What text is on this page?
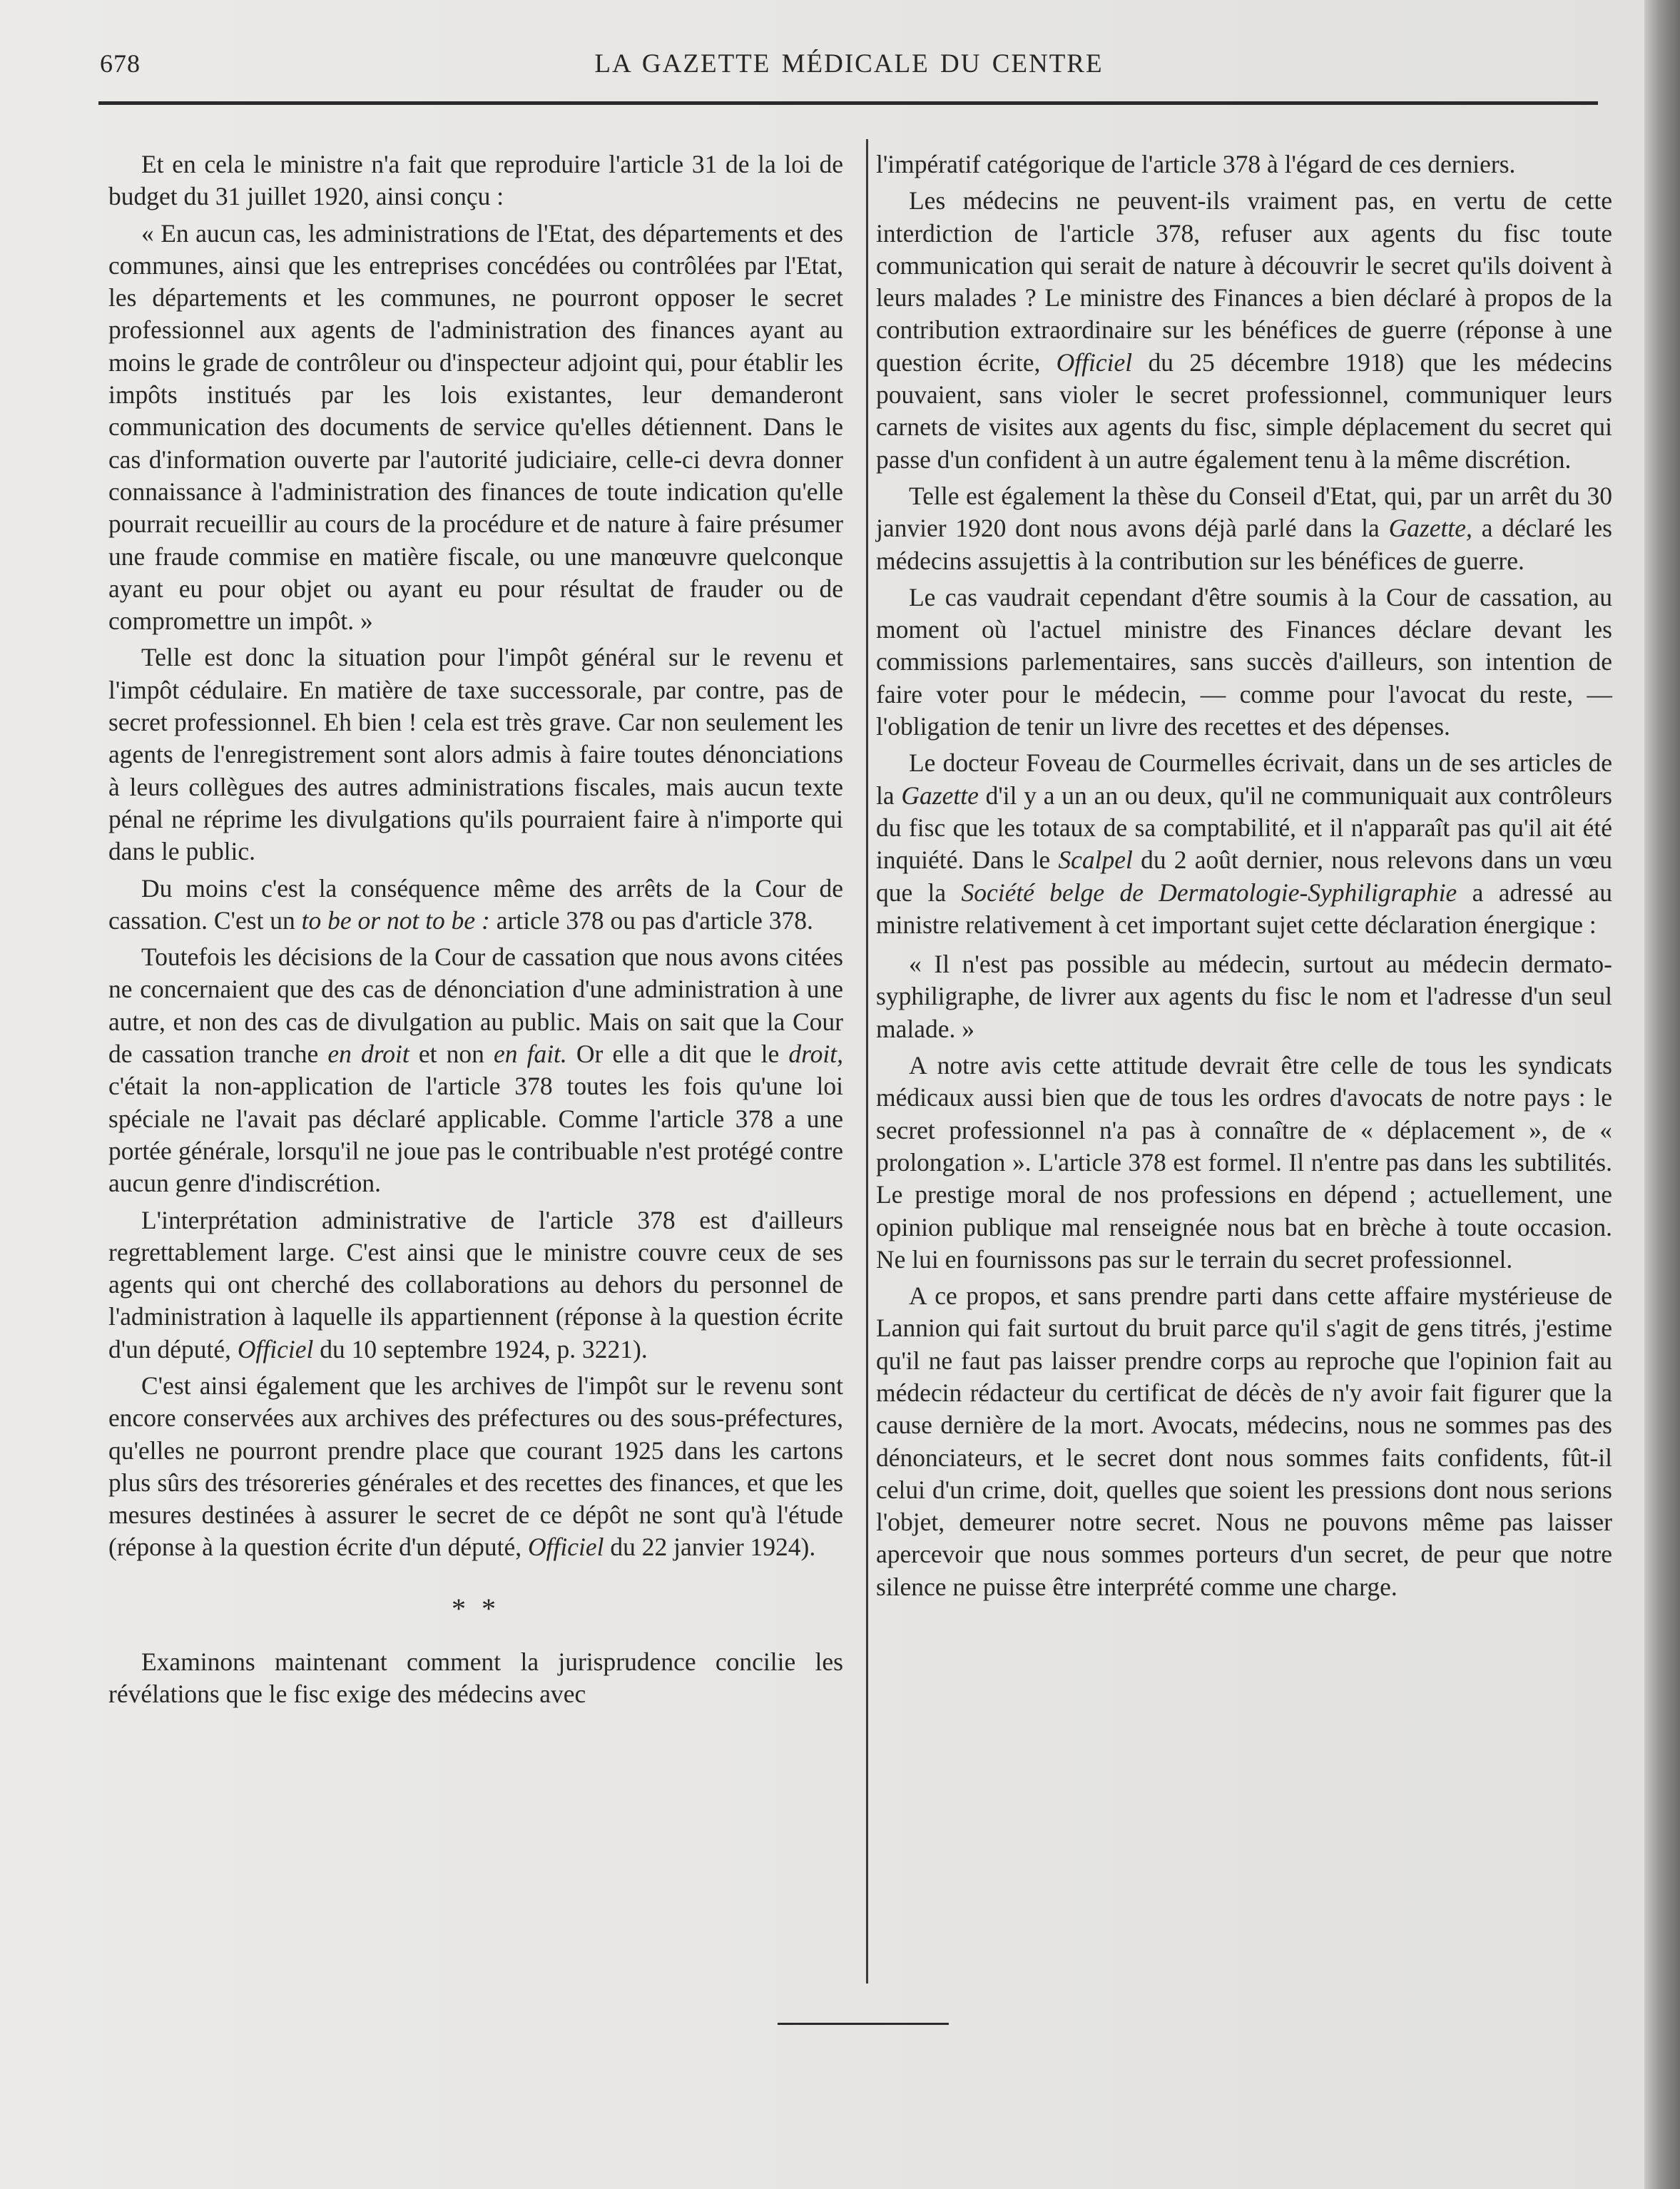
678	LA GAZETTE MÉDICALE DU CENTRE

Et en cela le ministre n'a fait que reproduire l'article 31 de la loi de budget du 31 juillet 1920, ainsi conçu :

« En aucun cas, les administrations de l'Etat, des départements et des communes, ainsi que les entreprises concédées ou contrôlées par l'Etat, les départements et les communes, ne pourront opposer le secret professionnel aux agents de l'administration des finances ayant au moins le grade de contrôleur ou d'inspecteur adjoint qui, pour établir les impôts institués par les lois existantes, leur demanderont communication des documents de service qu'elles détiennent. Dans le cas d'information ouverte par l'autorité judiciaire, celle-ci devra donner connaissance à l'administration des finances de toute indication qu'elle pourrait recueillir au cours de la procédure et de nature à faire présumer une fraude commise en matière fiscale, ou une manœuvre quelconque ayant eu pour objet ou ayant eu pour résultat de frauder ou de compromettre un impôt. »

Telle est donc la situation pour l'impôt général sur le revenu et l'impôt cédulaire. En matière de taxe successorale, par contre, pas de secret professionnel. Eh bien ! cela est très grave. Car non seulement les agents de l'enregistrement sont alors admis à faire toutes dénonciations à leurs collègues des autres administrations fiscales, mais aucun texte pénal ne réprime les divulgations qu'ils pourraient faire à n'importe qui dans le public.

Du moins c'est la conséquence même des arrêts de la Cour de cassation. C'est un to be or not to be : article 378 ou pas d'article 378.

Toutefois les décisions de la Cour de cassation que nous avons citées ne concernaient que des cas de dénonciation d'une administration à une autre, et non des cas de divulgation au public. Mais on sait que la Cour de cassation tranche en droit et non en fait. Or elle a dit que le droit, c'était la non-application de l'article 378 toutes les fois qu'une loi spéciale ne l'avait pas déclaré applicable. Comme l'article 378 a une portée générale, lorsqu'il ne joue pas le contribuable n'est protégé contre aucun genre d'indiscrétion.

L'interprétation administrative de l'article 378 est d'ailleurs regrettablement large. C'est ainsi que le ministre couvre ceux de ses agents qui ont cherché des collaborations au dehors du personnel de l'administration à laquelle ils appartiennent (réponse à la question écrite d'un député, Officiel du 10 septembre 1924, p. 3221).

C'est ainsi également que les archives de l'impôt sur le revenu sont encore conservées aux archives des préfectures ou des sous-préfectures, qu'elles ne pourront prendre place que courant 1925 dans les cartons plus sûrs des trésoreries générales et des recettes des finances, et que les mesures destinées à assurer le secret de ce dépôt ne sont qu'à l'étude (réponse à la question écrite d'un député, Officiel du 22 janvier 1924).

* *

Examinons maintenant comment la jurisprudence concilie les révélations que le fisc exige des médecins avec

l'impératif catégorique de l'article 378 à l'égard de ces derniers.

Les médecins ne peuvent-ils vraiment pas, en vertu de cette interdiction de l'article 378, refuser aux agents du fisc toute communication qui serait de nature à découvrir le secret qu'ils doivent à leurs malades ? Le ministre des Finances a bien déclaré à propos de la contribution extraordinaire sur les bénéfices de guerre (réponse à une question écrite, Officiel du 25 décembre 1918) que les médecins pouvaient, sans violer le secret professionnel, communiquer leurs carnets de visites aux agents du fisc, simple déplacement du secret qui passe d'un confident à un autre également tenu à la même discrétion.

Telle est également la thèse du Conseil d'Etat, qui, par un arrêt du 30 janvier 1920 dont nous avons déjà parlé dans la Gazette, a déclaré les médecins assujettis à la contribution sur les bénéfices de guerre.

Le cas vaudrait cependant d'être soumis à la Cour de cassation, au moment où l'actuel ministre des Finances déclare devant les commissions parlementaires, sans succès d'ailleurs, son intention de faire voter pour le médecin, — comme pour l'avocat du reste, — l'obligation de tenir un livre des recettes et des dépenses.

Le docteur Foveau de Courmelles écrivait, dans un de ses articles de la Gazette d'il y a un an ou deux, qu'il ne communiquait aux contrôleurs du fisc que les totaux de sa comptabilité, et il n'apparaît pas qu'il ait été inquiété. Dans le Scalpel du 2 août dernier, nous relevons dans un vœu que la Société belge de Dermatologie-Syphiligraphie a adressé au ministre relativement à cet important sujet cette déclaration énergique :

« Il n'est pas possible au médecin, surtout au médecin dermato-syphiligraphe, de livrer aux agents du fisc le nom et l'adresse d'un seul malade. »

A notre avis cette attitude devrait être celle de tous les syndicats médicaux aussi bien que de tous les ordres d'avocats de notre pays : le secret professionnel n'a pas à connaître de « déplacement », de « prolongation ». L'article 378 est formel. Il n'entre pas dans les subtilités. Le prestige moral de nos professions en dépend ; actuellement, une opinion publique mal renseignée nous bat en brèche à toute occasion. Ne lui en fournissons pas sur le terrain du secret professionnel.

A ce propos, et sans prendre parti dans cette affaire mystérieuse de Lannion qui fait surtout du bruit parce qu'il s'agit de gens titrés, j'estime qu'il ne faut pas laisser prendre corps au reproche que l'opinion fait au médecin rédacteur du certificat de décès de n'y avoir fait figurer que la cause dernière de la mort. Avocats, médecins, nous ne sommes pas des dénonciateurs, et le secret dont nous sommes faits confidents, fût-il celui d'un crime, doit, quelles que soient les pressions dont nous serions l'objet, demeurer notre secret. Nous ne pouvons même pas laisser apercevoir que nous sommes porteurs d'un secret, de peur que notre silence ne puisse être interprété comme une charge.
